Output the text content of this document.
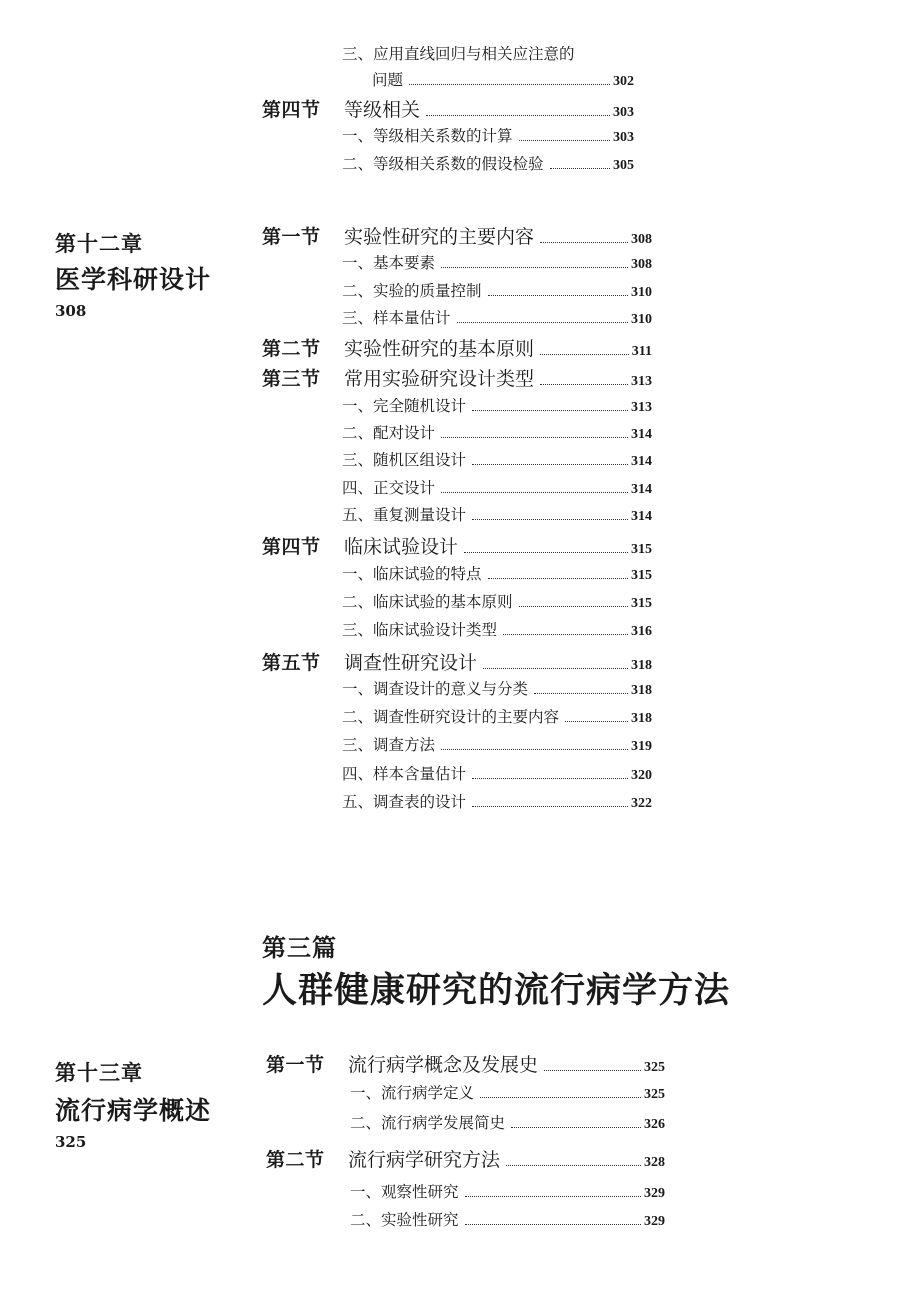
三、应用直线回归与相关应注意的
问题	302
第四节	等级相关	303
一、等级相关系数的计算	303
二、等级相关系数的假设检验	305
第十二章
医学科研设计
308
第一节	实验性研究的主要内容	308
一、基本要素	308
二、实验的质量控制	310
三、样本量估计	310
第二节	实验性研究的基本原则	311
第三节	常用实验研究设计类型	313
一、完全随机设计	313
二、配对设计	314
三、随机区组设计	314
四、正交设计	314
五、重复测量设计	314
第四节	临床试验设计	315
一、临床试验的特点	315
二、临床试验的基本原则	315
三、临床试验设计类型	316
第五节	调查性研究设计	318
一、调查设计的意义与分类	318
二、调查性研究设计的主要内容	318
三、调查方法	319
四、样本含量估计	320
五、调查表的设计	322
第三篇
人群健康研究的流行病学方法
第十三章
流行病学概述
325
第一节	流行病学概念及发展史	325
一、流行病学定义	325
二、流行病学发展简史	326
第二节	流行病学研究方法	328
一、观察性研究	329
二、实验性研究	329
